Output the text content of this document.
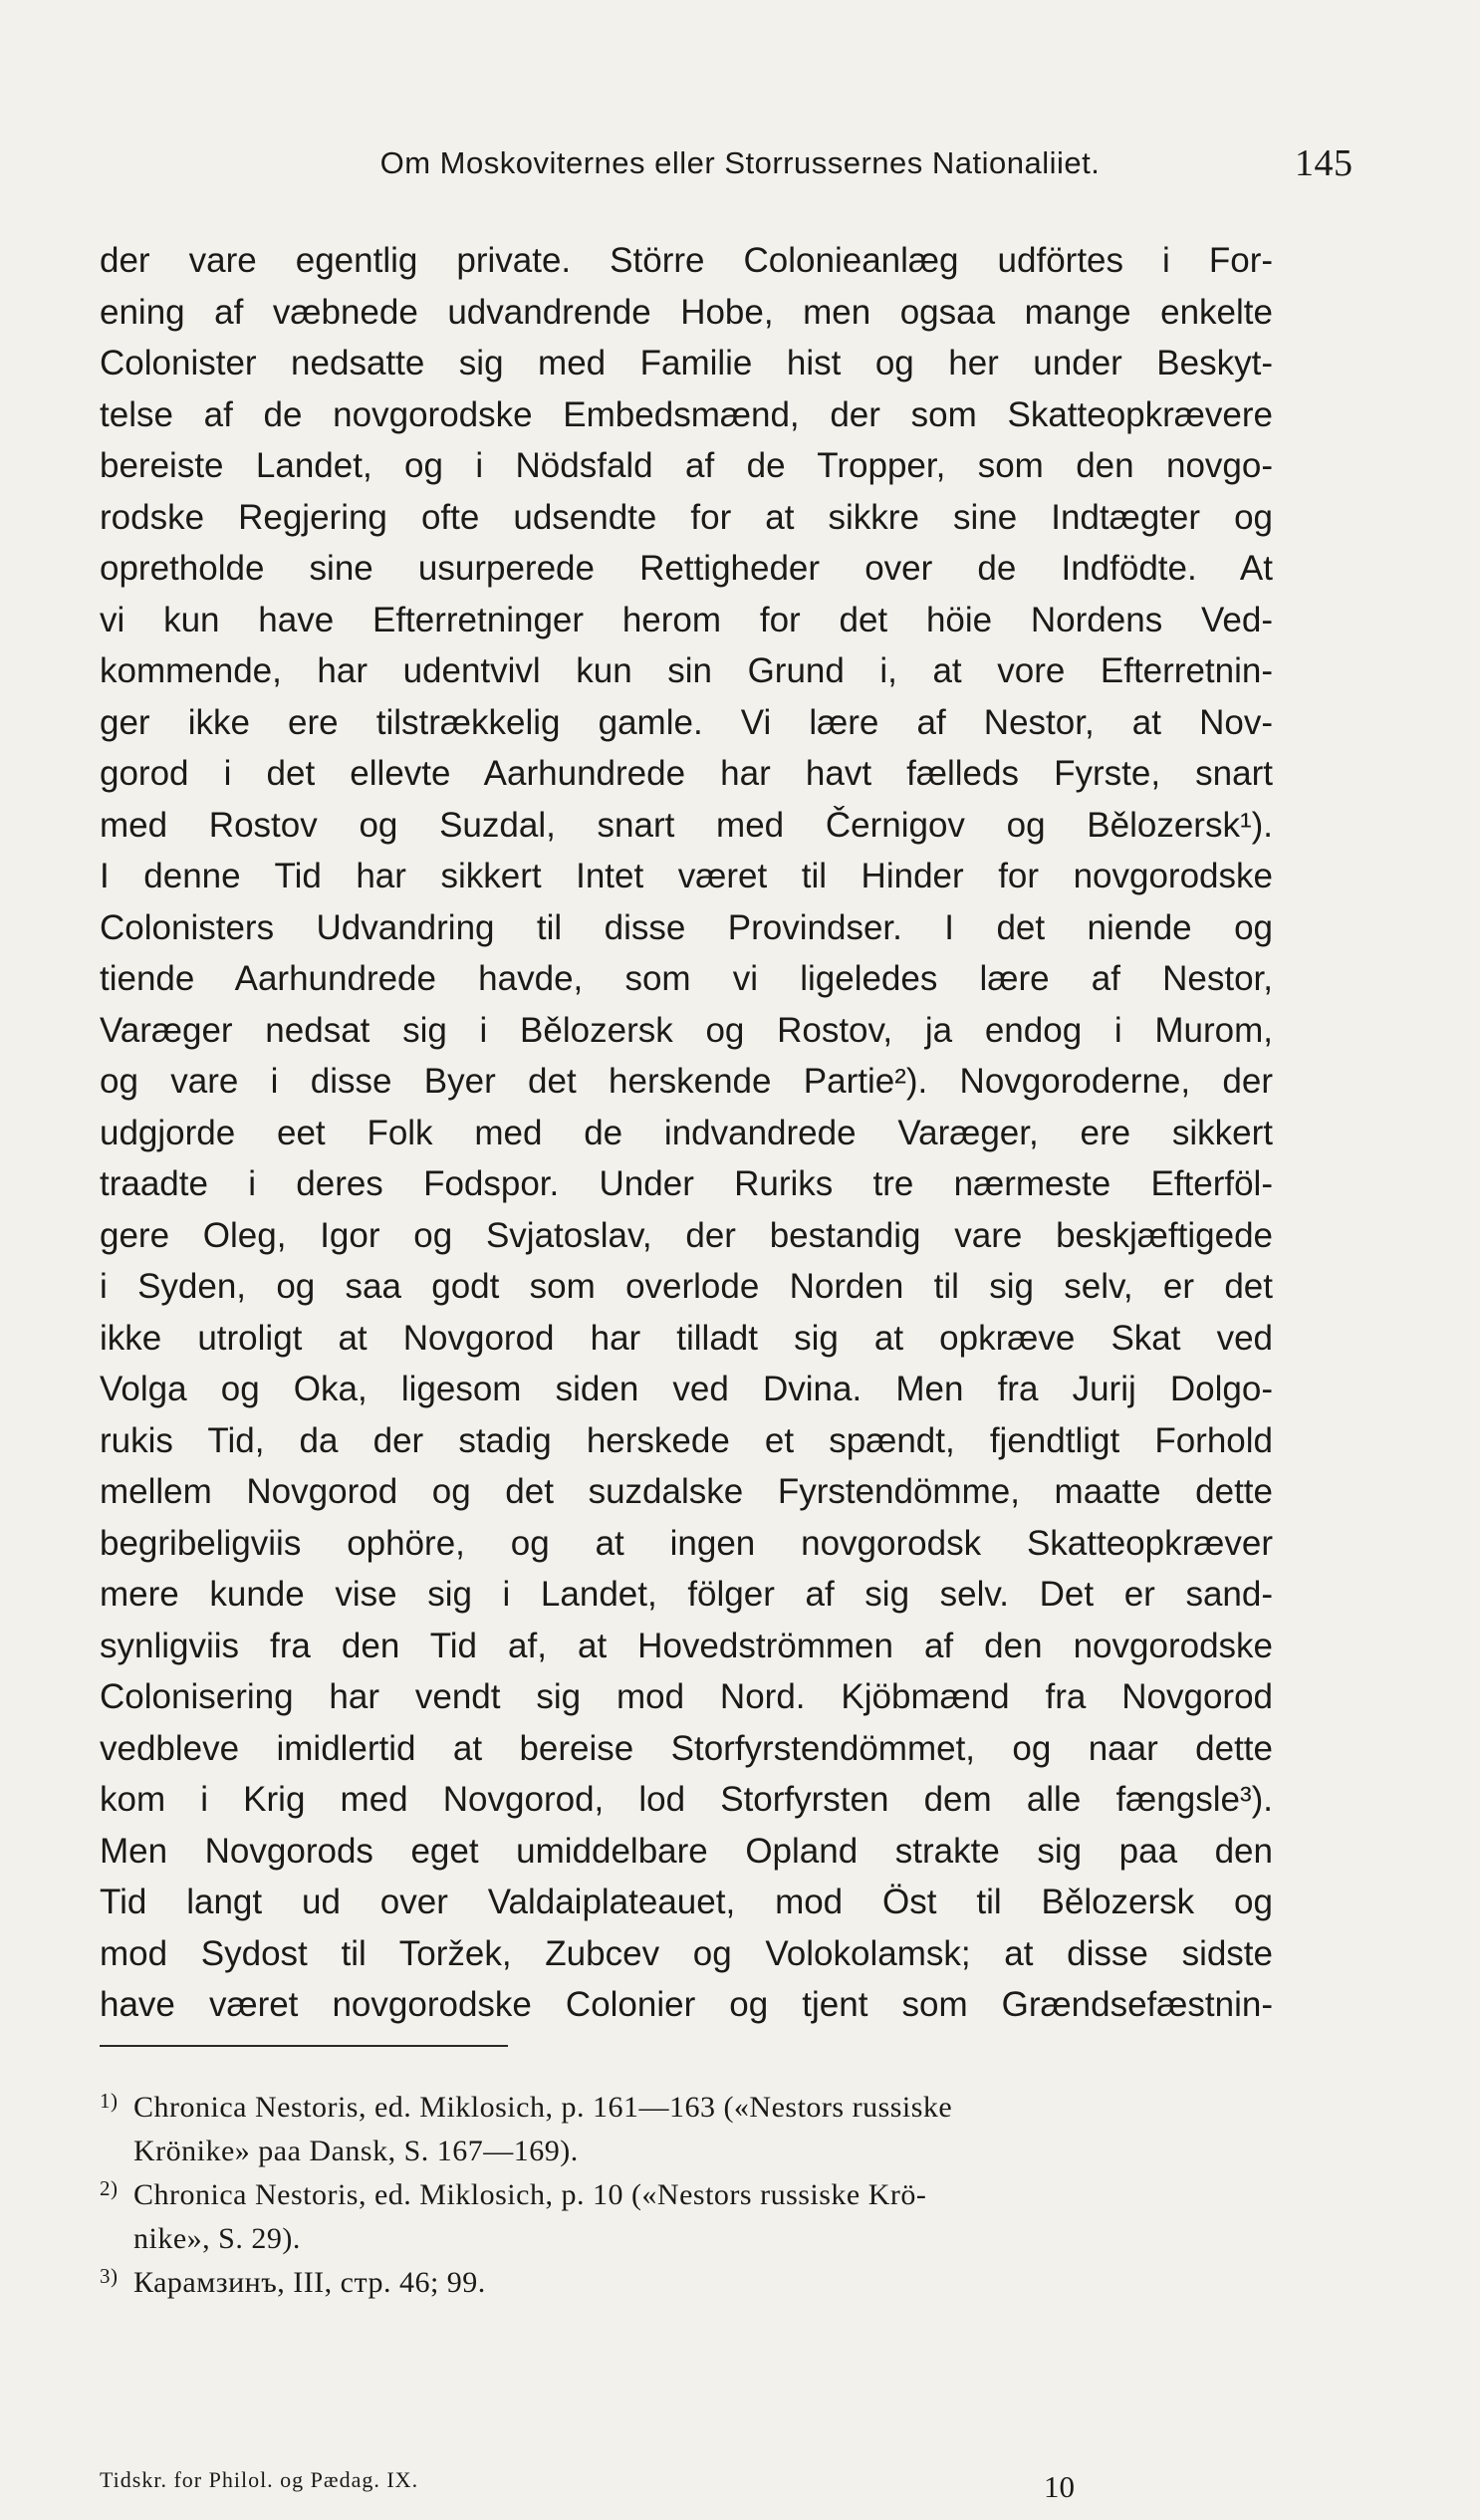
Om Moskoviternes eller Storrussernes Nationaliiet.	145
der vare egentlig private. Större Colonieanlæg udförtes i For-
ening af væbnede udvandrende Hobe, men ogsaa mange enkelte
Colonister nedsatte sig med Familie hist og her under Beskyt-
telse af de novgorodske Embedsmænd, der som Skatteopkrævere
bereiste Landet, og i Nödsfald af de Tropper, som den novgo-
rodske Regjering ofte udsendte for at sikkre sine Indtægter og
opretholde sine usurperede Rettigheder over de Indfödte. At
vi kun have Efterretninger herom for det höie Nordens Ved-
kommende, har udentvivl kun sin Grund i, at vore Efterretnin-
ger ikke ere tilstrækkelig gamle. Vi lære af Nestor, at Nov-
gorod i det ellevte Aarhundrede har havt fælleds Fyrste, snart
med Rostov og Suzdal, snart med Černigov og Bělozersk¹).
I denne Tid har sikkert Intet været til Hinder for novgorodske
Colonisters Udvandring til disse Provindser. I det niende og
tiende Aarhundrede havde, som vi ligeledes lære af Nestor,
Varæger nedsat sig i Bělozersk og Rostov, ja endog i Murom,
og vare i disse Byer det herskende Partie²). Novgoroderne, der
udgjorde eet Folk med de indvandrede Varæger, ere sikkert
traadte i deres Fodspor. Under Ruriks tre nærmeste Efterföl-
gere Oleg, Igor og Svjatoslav, der bestandig vare beskjæftigede
i Syden, og saa godt som overlode Norden til sig selv, er det
ikke utroligt at Novgorod har tilladt sig at opkræve Skat ved
Volga og Oka, ligesom siden ved Dvina. Men fra Jurij Dolgo-
rukis Tid, da der stadig herskede et spændt, fjendtligt Forhold
mellem Novgorod og det suzdalske Fyrstendömme, maatte dette
begribeligviis ophöre, og at ingen novgorodsk Skatteopkræver
mere kunde vise sig i Landet, fölger af sig selv. Det er sand-
synligviis fra den Tid af, at Hovedströmmen af den novgorodske
Colonisering har vendt sig mod Nord. Kjöbmænd fra Novgorod
vedbleve imidlertid at bereise Storfyrstendömmet, og naar dette
kom i Krig med Novgorod, lod Storfyrsten dem alle fængsle³).
Men Novgorods eget umiddelbare Opland strakte sig paa den
Tid langt ud over Valdaiplateauet, mod Öst til Bělozersk og
mod Sydost til Toržek, Zubcev og Volokolamsk; at disse sidste
have været novgorodske Colonier og tjent som Grændsefæstnin-
1) Chronica Nestoris, ed. Miklosich, p. 161—163 («Nestors russiske
Krönike» paa Dansk, S. 167—169).
2) Chronica Nestoris, ed. Miklosich, p. 10 («Nestors russiske Krö-
nike», S. 29).
3) Карамзинъ, III, стр. 46; 99.
Tidskr. for Philol. og Pædag. IX.	10
